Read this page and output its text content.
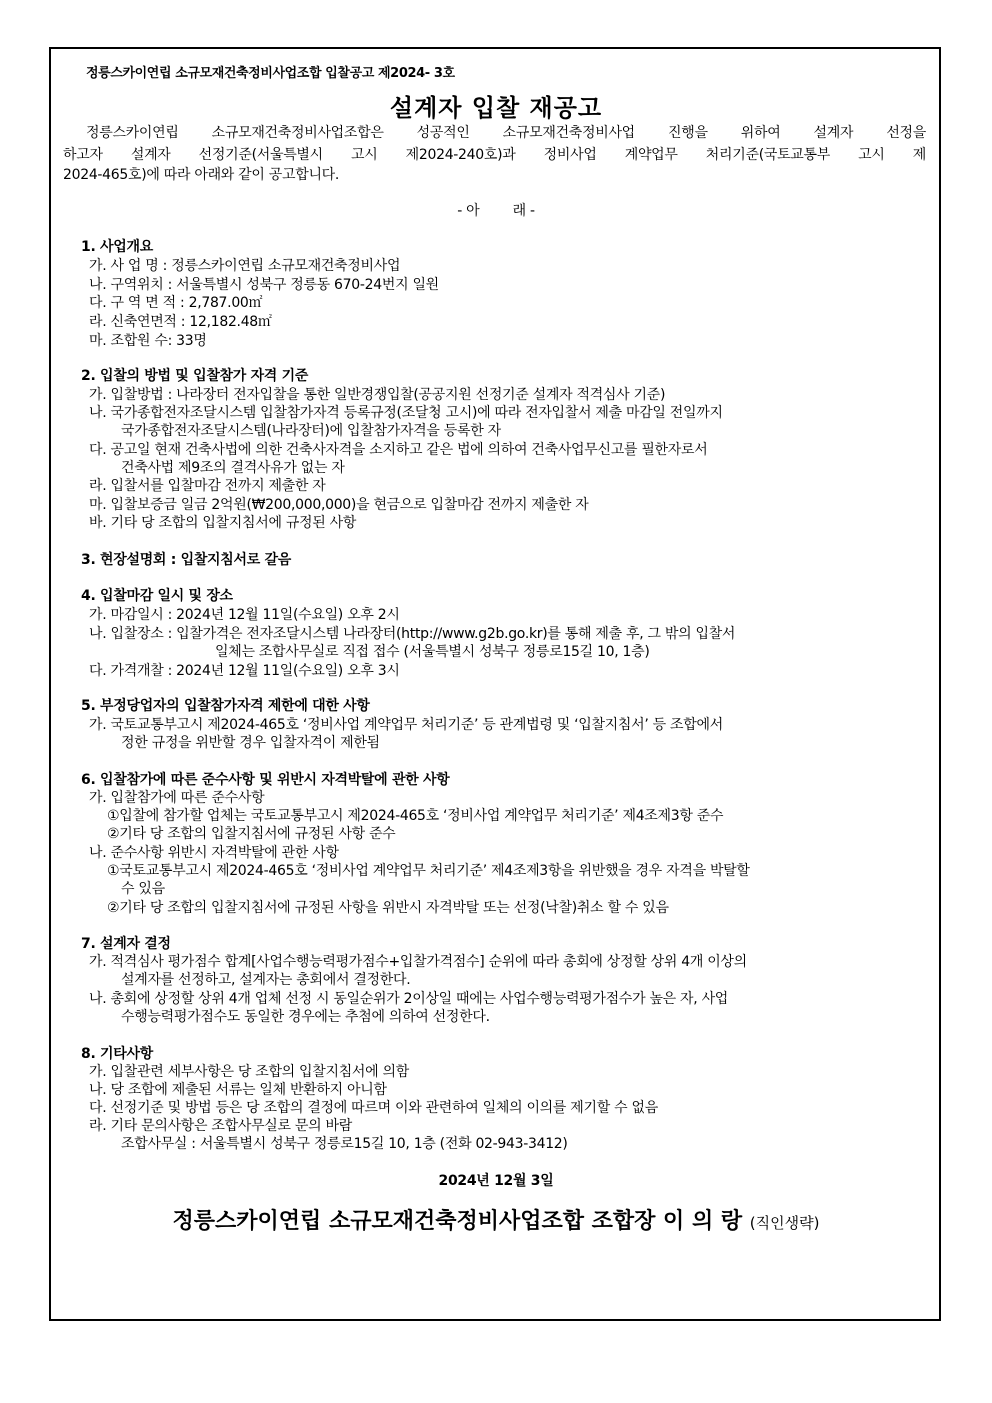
정릉스카이연립 소규모재건축정비사업조합 입찰공고 제2024- 3호
설계자 입찰 재공고
정릉스카이연립 소규모재건축정비사업조합은 성공적인 소규모재건축정비사업 진행을 위하여 설계자 선정을
하고자 설계자 선정기준(서울특별시 고시 제2024-240호)과 정비사업 계약업무 처리기준(국토교통부 고시 제
2024-465호)에 따라 아래와 같이 공고합니다.
- 아        래 -
1. 사업개요
가. 사 업 명 : 정릉스카이연립 소규모재건축정비사업
나. 구역위치 : 서울특별시 성북구 정릉동 670-24번지 일원
다. 구 역 면 적 : 2,787.00㎡
라. 신축연면적 : 12,182.48㎡
마. 조합원 수: 33명
2. 입찰의 방법 및 입찰참가 자격 기준
가. 입찰방법 : 나라장터 전자입찰을 통한 일반경쟁입찰(공공지원 선정기준 설계자 적격심사 기준)
나. 국가종합전자조달시스템 입찰참가자격 등록규정(조달청 고시)에 따라 전자입찰서 제출 마감일 전일까지
국가종합전자조달시스템(나라장터)에 입찰참가자격을 등록한 자
다. 공고일 현재 건축사법에 의한 건축사자격을 소지하고 같은 법에 의하여 건축사업무신고를 필한자로서
건축사법 제9조의 결격사유가 없는 자
라. 입찰서를 입찰마감 전까지 제출한 자
마. 입찰보증금 일금 2억원(₩200,000,000)을 현금으로 입찰마감 전까지 제출한 자
바. 기타 당 조합의 입찰지침서에 규정된 사항
3. 현장설명회 : 입찰지침서로 갈음
4. 입찰마감 일시 및 장소
가. 마감일시 : 2024년 12월 11일(수요일) 오후 2시
나. 입찰장소 : 입찰가격은 전자조달시스템 나라장터(http://www.g2b.go.kr)를 통해 제출 후, 그 밖의 입찰서
일체는 조합사무실로 직접 접수 (서울특별시 성북구 정릉로15길 10, 1층)
다. 가격개찰 : 2024년 12월 11일(수요일) 오후 3시
5. 부정당업자의 입찰참가자격 제한에 대한 사항
가. 국토교통부고시 제2024-465호 ‘정비사업 계약업무 처리기준’ 등 관계법령 및 ‘입찰지침서’ 등 조합에서
정한 규정을 위반할 경우 입찰자격이 제한됨
6. 입찰참가에 따른 준수사항 및 위반시 자격박탈에 관한 사항
가. 입찰참가에 따른 준수사항
①입찰에 참가할 업체는 국토교통부고시 제2024-465호 ‘정비사업 계약업무 처리기준’ 제4조제3항 준수
②기타 당 조합의 입찰지침서에 규정된 사항 준수
나. 준수사항 위반시 자격박탈에 관한 사항
①국토교통부고시 제2024-465호 ‘정비사업 계약업무 처리기준’ 제4조제3항을 위반했을 경우 자격을 박탈할
수 있음
②기타 당 조합의 입찰지침서에 규정된 사항을 위반시 자격박탈 또는 선정(낙찰)취소 할 수 있음
7. 설계자 결정
가. 적격심사 평가점수 합계[사업수행능력평가점수+입찰가격점수] 순위에 따라 총회에 상정할 상위 4개 이상의
설계자를 선정하고, 설계자는 총회에서 결정한다.
나. 총회에 상정할 상위 4개 업체 선정 시 동일순위가 2이상일 때에는 사업수행능력평가점수가 높은 자, 사업
수행능력평가점수도 동일한 경우에는 추첨에 의하여 선정한다.
8. 기타사항
가. 입찰관련 세부사항은 당 조합의 입찰지침서에 의함
나. 당 조합에 제출된 서류는 일체 반환하지 아니함
다. 선정기준 및 방법 등은 당 조합의 결정에 따르며 이와 관련하여 일체의 이의를 제기할 수 없음
라. 기타 문의사항은 조합사무실로 문의 바람
조합사무실 : 서울특별시 성북구 정릉로15길 10, 1층 (전화 02-943-3412)
2024년 12월 3일
정릉스카이연립 소규모재건축정비사업조합 조합장 이 의 랑 (직인생략)
